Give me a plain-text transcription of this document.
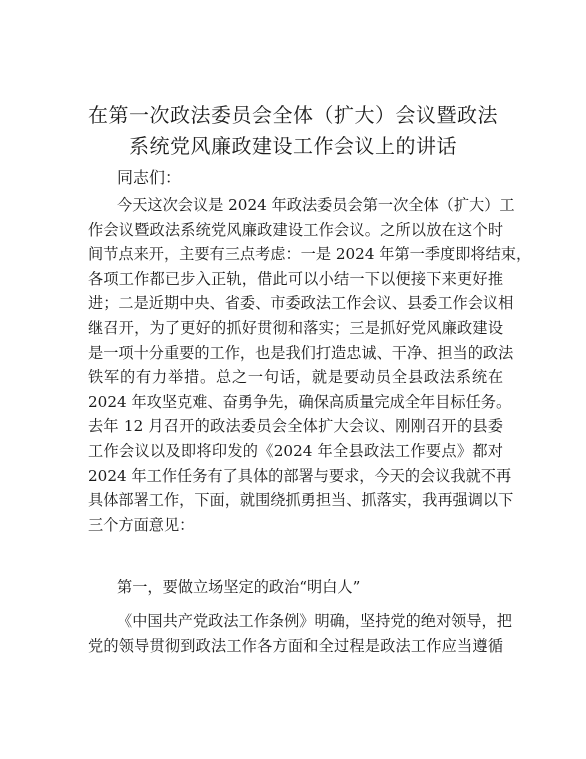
在第一次政法委员会全体（扩大）会议暨政法
系统党风廉政建设工作会议上的讲话

同志们：

今天这次会议是 2024 年政法委员会第一次全体（扩大）工
作会议暨政法系统党风廉政建设工作会议。之所以放在这个时
间节点来开，主要有三点考虑：一是 2024 年第一季度即将结束，
各项工作都已步入正轨，借此可以小结一下以便接下来更好推
进；二是近期中央、省委、市委政法工作会议、县委工作会议相
继召开，为了更好的抓好贯彻和落实；三是抓好党风廉政建设
是一项十分重要的工作，也是我们打造忠诚、干净、担当的政法
铁军的有力举措。总之一句话，就是要动员全县政法系统在
2024 年攻坚克难、奋勇争先，确保高质量完成全年目标任务。
去年 12 月召开的政法委员会全体扩大会议、刚刚召开的县委
工作会议以及即将印发的《2024 年全县政法工作要点》都对
2024 年工作任务有了具体的部署与要求，今天的会议我就不再
具体部署工作，下面，就围绕抓勇担当、抓落实，我再强调以下
三个方面意见：

第一，要做立场坚定的政治“明白人”

《中国共产党政法工作条例》明确，坚持党的绝对领导，把
党的领导贯彻到政法工作各方面和全过程是政法工作应当遵循
